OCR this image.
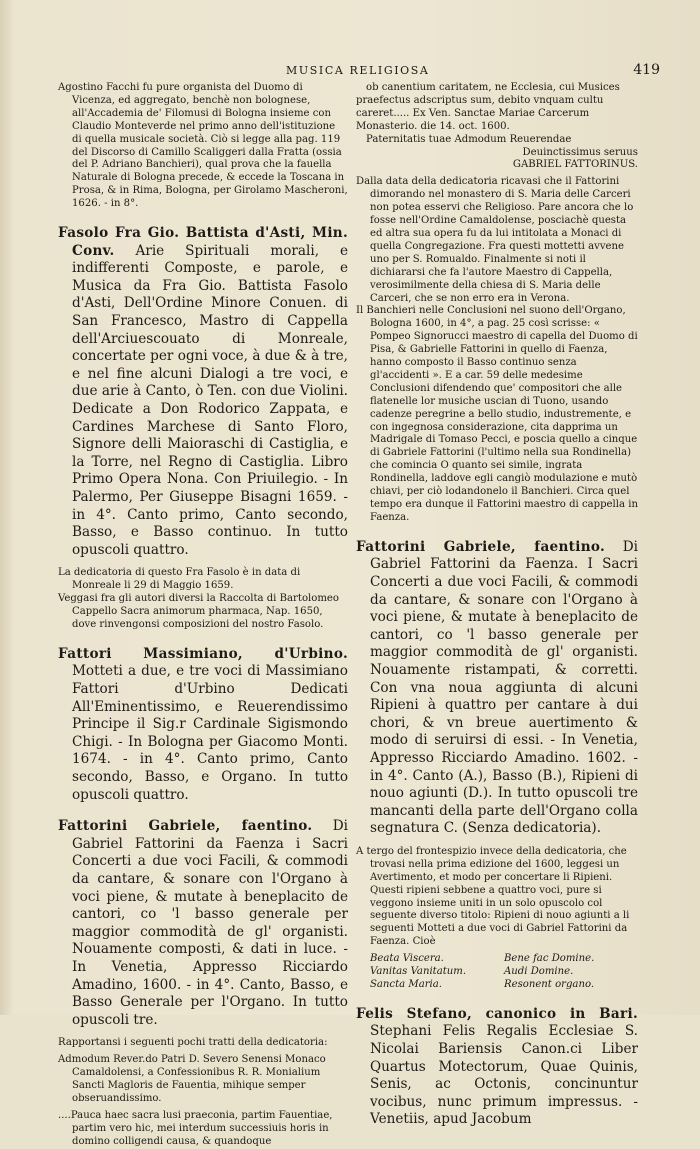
MUSICA RELIGIOSA	419

Agostino Facchi fu pure organista del Duomo di Vicenza, ed aggregato, benchè non bolognese, all'Accademia de' Filomusi di Bologna insieme con Claudio Monteverde nel primo anno dell'istituzione di quella musicale società. Ciò si legge alla pag. 119 del Discorso di Camillo Scaliggeri dalla Fratta (ossia del P. Adriano Banchieri), qual prova che la fauella Naturale di Bologna precede, & eccede la Toscana in Prosa, & in Rima, Bologna, per Girolamo Mascheroni, 1626. - in 8°.

Fasolo Fra Gio. Battista d'Asti, Min. Conv. Arie Spirituali morali, e indifferenti Composte, e parole, e Musica da Fra Gio. Battista Fasolo d'Asti, Dell'Ordine Minore Conuen. di San Francesco, Mastro di Cappella dell'Arciuescouato di Monreale, concertate per ogni voce, à due & à tre, e nel fine alcuni Dialogi a tre voci, e due arie à Canto, ò Ten. con due Violini. Dedicate a Don Rodorico Zappata, e Cardines Marchese di Santo Floro, Signore delli Maioraschi di Castiglia, e la Torre, nel Regno di Castiglia. Libro Primo Opera Nona. Con Priuilegio. - In Palermo, Per Giuseppe Bisagni 1659. - in 4°. Canto primo, Canto secondo, Basso, e Basso continuo. In tutto opuscoli quattro.

La dedicatoria di questo Fra Fasolo è in data di Monreale li 29 di Maggio 1659.

Veggasi fra gli autori diversi la Raccolta di Bartolomeo Cappello Sacra animorum pharmaca, Nap. 1650, dove rinvengonsi composizioni del nostro Fasolo.

Fattori Massimiano, d'Urbino. Motteti a due, e tre voci di Massimiano Fattori d'Urbino Dedicati All'Eminentissimo, e Reuerendissimo Principe il Sig.r Cardinale Sigismondo Chigi. - In Bologna per Giacomo Monti. 1674. - in 4°. Canto primo, Canto secondo, Basso, e Organo. In tutto opuscoli quattro.
Fattorini Gabriele, faentino. Di Gabriel Fattorini da Faenza i Sacri Concerti a due voci Facili, & commodi da cantare, & sonare con l'Organo à voci piene, & mutate à beneplacito de cantori, co 'l basso generale per maggior commodità de gl' organisti. Nouamente composti, & dati in luce. - In Venetia, Appresso Ricciardo Amadino, 1600. - in 4°. Canto, Basso, e Basso Generale per l'Organo. In tutto opuscoli tre.

Rapportansi i seguenti pochi tratti della dedicatoria:

Admodum Rever.do Patri D. Severo Senensi Monaco Camaldolensi, a Confessionibus R. R. Monialium Sancti Magloris de Fauentia, mihique semper obseruandissimo.

....Pauca haec sacra lusi praeconia, partim Fauentiae, partim vero hic, mei interdum successiuis horis in domino colligendi causa, & quandoque

ob canentium caritatem, ne Ecclesia, cui Musices praefectus adscriptus sum, debito vnquam cultu careret..... Ex Ven. Sanctae Mariae Carcerum Monasterio. die 14. oct. 1600.

Paternitatis tuae Admodum Reuerendae

Deuinctissimus seruus

GABRIEL FATTORINUS.

Dalla data della dedicatoria ricavasi che il Fattorini dimorando nel monastero di S. Maria delle Carceri non potea esservi che Religioso. Pare ancora che lo fosse nell'Ordine Camaldolense, posciachè questa ed altra sua opera fu da lui intitolata a Monaci di quella Congregazione. Fra questi mottetti avvene uno per S. Romualdo. Finalmente si noti il dichiararsi che fa l'autore Maestro di Cappella, verosimilmente della chiesa di S. Maria delle Carceri, che se non erro era in Verona.

Il Banchieri nelle Conclusioni nel suono dell'Organo, Bologna 1600, in 4°, a pag. 25 così scrisse: « Pompeo Signorucci maestro di capella del Duomo di Pisa, & Gabrielle Fattorini in quello di Faenza, hanno composto il Basso continuo senza gl'accidenti ». E a car. 59 delle medesime Conclusioni difendendo que' compositori che alle flatenelle lor musiche uscian di Tuono, usando cadenze peregrine a bello studio, industremente, e con ingegnosa considerazione, cita dapprima un Madrigale di Tomaso Pecci, e poscia quello a cinque di Gabriele Fattorini (l'ultimo nella sua Rondinella) che comincia O quanto sei simile, ingrata Rondinella, laddove egli cangiò modulazione e mutò chiavi, per ciò lodandonelo il Banchieri. Circa quel tempo era dunque il Fattorini maestro di cappella in Faenza.

Fattorini Gabriele, faentino. Di Gabriel Fattorini da Faenza. I Sacri Concerti a due voci Facili, & commodi da cantare, & sonare con l'Organo à voci piene, & mutate à beneplacito de cantori, co 'l basso generale per maggior commodità de gl' organisti. Nouamente ristampati, & corretti. Con vna noua aggiunta di alcuni Ripieni à quattro per cantare à dui chori, & vn breue auertimento & modo di seruirsi di essi. - In Venetia, Appresso Ricciardo Amadino. 1602. - in 4°. Canto (A.), Basso (B.), Ripieni di nouo agiunti (D.). In tutto opuscoli tre mancanti della parte dell'Organo colla segnatura C. (Senza dedicatoria).

A tergo del frontespizio invece della dedicatoria, che trovasi nella prima edizione del 1600, leggesi un Avertimento, et modo per concertare li Ripieni. Questi ripieni sebbene a quattro voci, pure si veggono insieme uniti in un solo opuscolo col seguente diverso titolo: Ripieni di nouo agiunti a li seguenti Motteti a due voci di Gabriel Fattorini da Faenza. Cioè

Beata Viscera.	Bene fac Domine.
Vanitas Vanitatum.	Audi Domine.
Sancta Maria.	Resonent organo.
Felis Stefano, canonico in Bari. Stephani Felis Regalis Ecclesiae S. Nicolai Bariensis Canon.ci Liber Quartus Motectorum, Quae Quinis, Senis, ac Octonis, concinuntur vocibus, nunc primum impressus. - Venetiis, apud Jacobum
